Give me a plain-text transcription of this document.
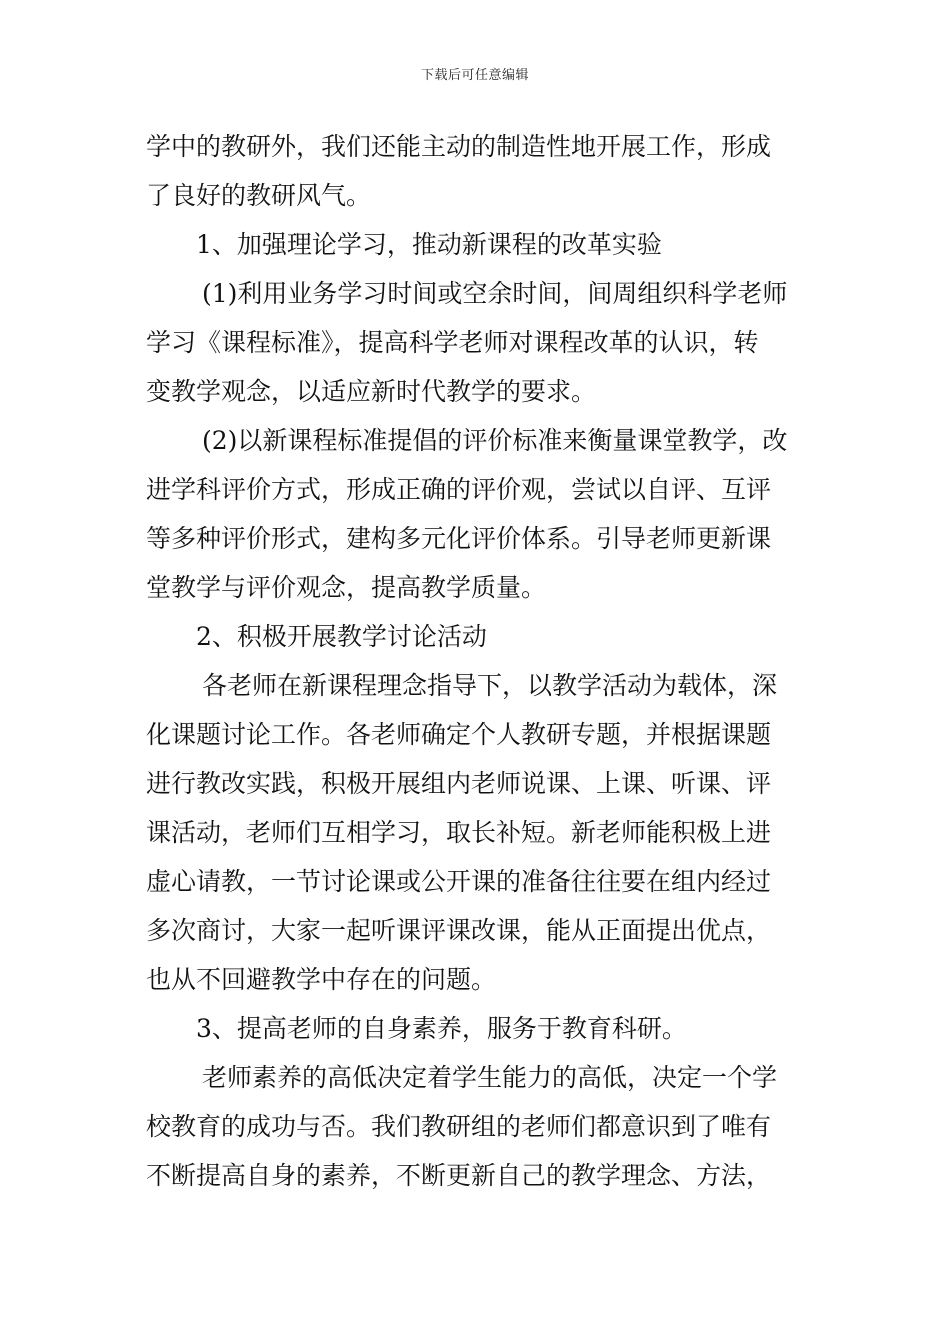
下载后可任意编辑
学中的教研外，我们还能主动的制造性地开展工作，形成
了良好的教研风气。
1、加强理论学习，推动新课程的改革实验
(1)利用业务学习时间或空余时间，间周组织科学老师
学习《课程标准》，提高科学老师对课程改革的认识，转
变教学观念，以适应新时代教学的要求。
(2)以新课程标准提倡的评价标准来衡量课堂教学，改
进学科评价方式，形成正确的评价观，尝试以自评、互评
等多种评价形式，建构多元化评价体系。引导老师更新课
堂教学与评价观念，提高教学质量。
2、积极开展教学讨论活动
各老师在新课程理念指导下，以教学活动为载体，深
化课题讨论工作。各老师确定个人教研专题，并根据课题
进行教改实践，积极开展组内老师说课、上课、听课、评
课活动，老师们互相学习，取长补短。新老师能积极上进
虚心请教，一节讨论课或公开课的准备往往要在组内经过
多次商讨，大家一起听课评课改课，能从正面提出优点，
也从不回避教学中存在的问题。
3、提高老师的自身素养，服务于教育科研。
老师素养的高低决定着学生能力的高低，决定一个学
校教育的成功与否。我们教研组的老师们都意识到了唯有
不断提高自身的素养，不断更新自己的教学理念、方法，
